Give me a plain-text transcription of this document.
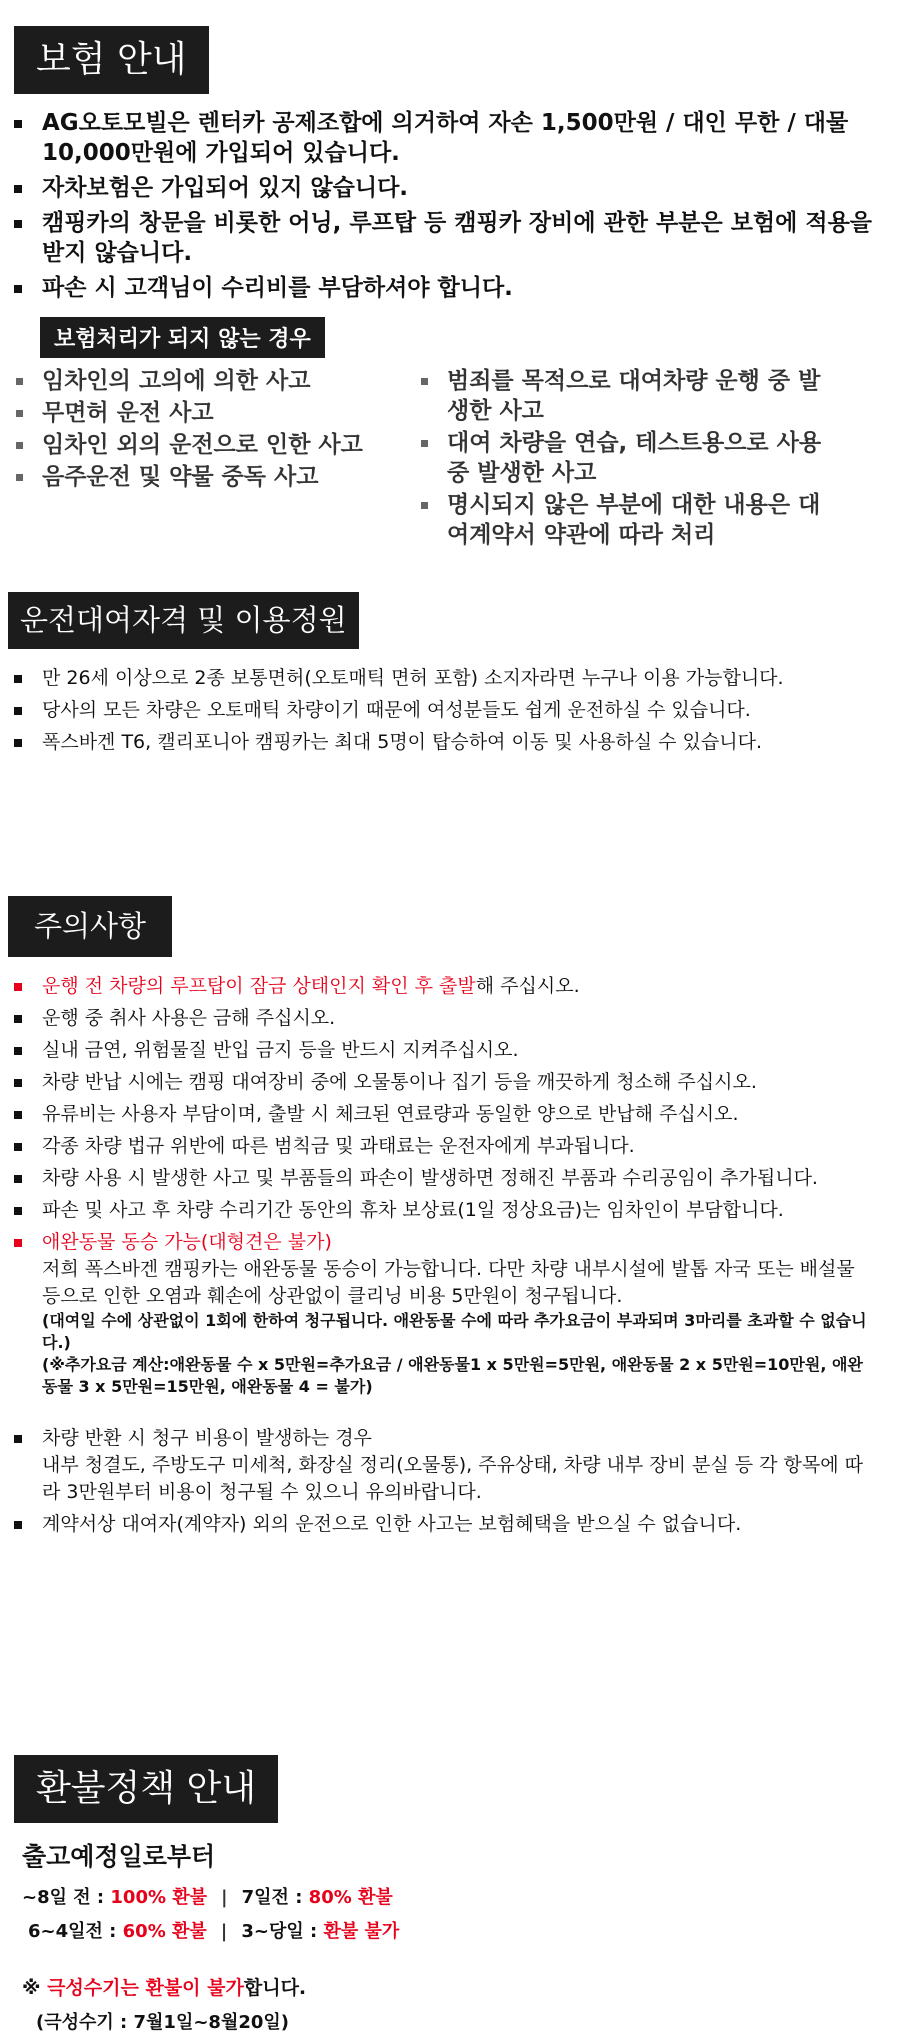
보험 안내
AG오토모빌은 렌터카 공제조합에 의거하여 자손 1,500만원 / 대인 무한 / 대물 10,000만원에 가입되어 있습니다.
자차보험은 가입되어 있지 않습니다.
캠핑카의 창문을 비롯한 어닝, 루프탑 등 캠핑카 장비에 관한 부분은 보험에 적용을 받지 않습니다.
파손 시 고객님이 수리비를 부담하셔야 합니다.
보험처리가 되지 않는 경우
임차인의 고의에 의한 사고
무면허 운전 사고
임차인 외의 운전으로 인한 사고
음주운전 및 약물 중독 사고
범죄를 목적으로 대여차량 운행 중 발생한 사고
대여 차량을 연습, 테스트용으로 사용 중 발생한 사고
명시되지 않은 부분에 대한 내용은 대여계약서 약관에 따라 처리
운전대여자격 및 이용정원
만 26세 이상으로 2종 보통면허(오토매틱 면허 포함) 소지자라면 누구나 이용 가능합니다.
당사의 모든 차량은 오토매틱 차량이기 때문에 여성분들도 쉽게 운전하실 수 있습니다.
폭스바겐 T6, 캘리포니아 캠핑카는 최대 5명이 탑승하여 이동 및 사용하실 수 있습니다.
주의사항
운행 전 차량의 루프탑이 잠금 상태인지 확인 후 출발해 주십시오.
운행 중 취사 사용은 금해 주십시오.
실내 금연, 위험물질 반입 금지 등을 반드시 지켜주십시오.
차량 반납 시에는 캠핑 대여장비 중에 오물통이나 집기 등을 깨끗하게 청소해 주십시오.
유류비는 사용자 부담이며, 출발 시 체크된 연료량과 동일한 양으로 반납해 주십시오.
각종 차량 법규 위반에 따른 범칙금 및 과태료는 운전자에게 부과됩니다.
차량 사용 시 발생한 사고 및 부품들의 파손이 발생하면 정해진 부품과 수리공임이 추가됩니다.
파손 및 사고 후 차량 수리기간 동안의 휴차 보상료(1일 정상요금)는 임차인이 부담합니다.
애완동물 동승 가능(대형견은 불가)
저희 폭스바겐 캠핑카는 애완동물 동승이 가능합니다. 다만 차량 내부시설에 발톱 자국 또는 배설물 등으로 인한 오염과 훼손에 상관없이 클리닝 비용 5만원이 청구됩니다.
(대여일 수에 상관없이 1회에 한하여 청구됩니다. 애완동물 수에 따라 추가요금이 부과되며 3마리를 초과할 수 없습니다.)
(※추가요금 계산:애완동물 수 x 5만원=추가요금 / 애완동물1 x 5만원=5만원, 애완동물 2 x 5만원=10만원, 애완동물 3 x 5만원=15만원, 애완동물 4 = 불가)
차량 반환 시 청구 비용이 발생하는 경우
내부 청결도, 주방도구 미세척, 화장실 정리(오물통), 주유상태, 차량 내부 장비 분실 등 각 항목에 따라 3만원부터 비용이 청구될 수 있으니 유의바랍니다.
계약서상 대여자(계약자) 외의 운전으로 인한 사고는 보험혜택을 받으실 수 없습니다.
환불정책 안내
출고예정일로부터
~8일 전 : 100% 환불 | 7일전 : 80% 환불
6~4일전 : 60% 환불 | 3~당일 : 환불 불가
※ 극성수기는 환불이 불가합니다.
(극성수기 : 7월1일~8월20일)
